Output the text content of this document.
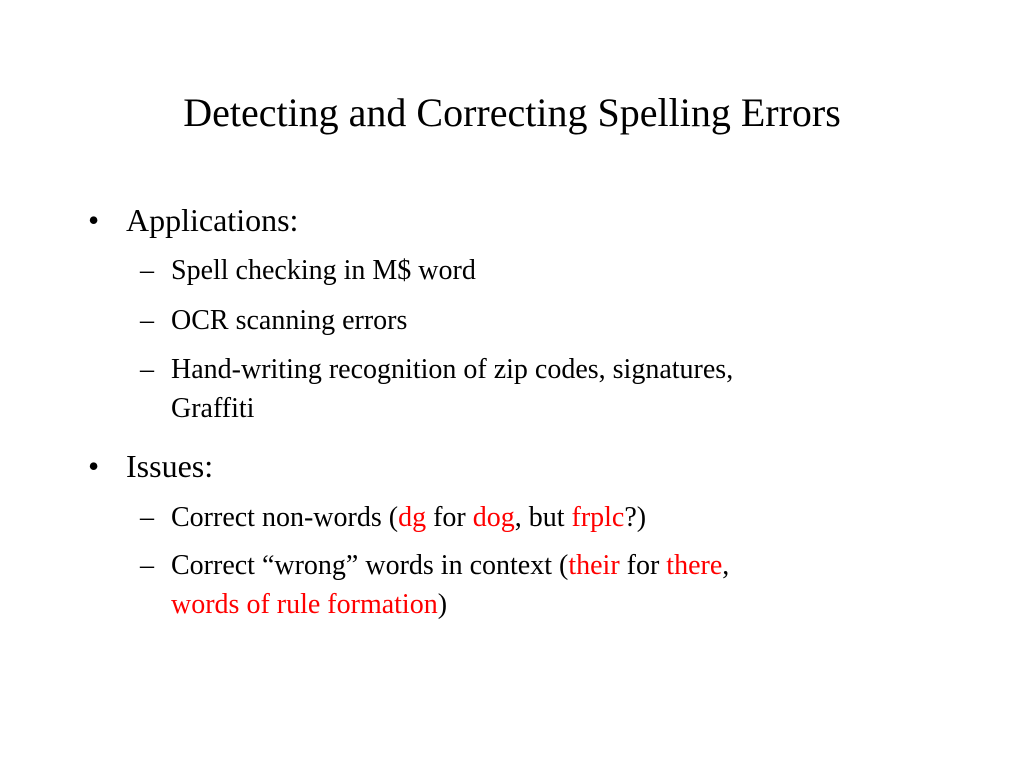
Detecting and Correcting Spelling Errors
• Applications:
– Spell checking in M$ word
– OCR scanning errors
– Hand-writing recognition of zip codes, signatures,
Graffiti
• Issues:
– Correct non-words (dg for dog, but frplc?)
– Correct “wrong” words in context (their for there,
words of rule formation)
